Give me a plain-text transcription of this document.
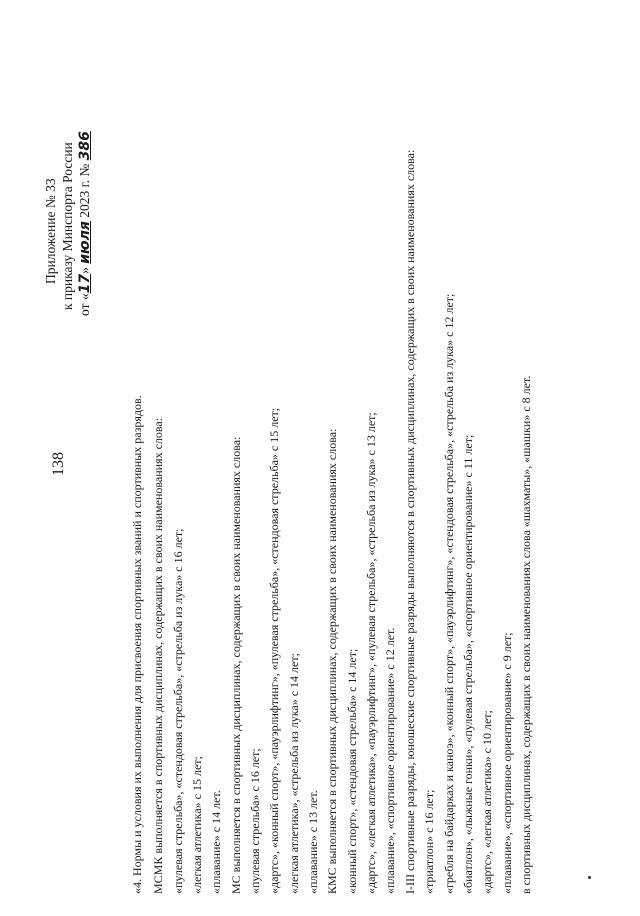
138
Приложение № 33 к приказу Минспорта России от «17» июля 2023 г. № 386
«4. Нормы и условия их выполнения для присвоения спортивных званий и спортивных разрядов. МСМК выполняется в спортивных дисциплинах, содержащих в своих наименованиях слова: «пулевая стрельба», «стендовая стрельба», «стрельба из лука» с 16 лет; «легкая атлетика» с 15 лет; «плавание» с 14 лет. МС выполняется в спортивных дисциплинах, содержащих в своих наименованиях слова: «пулевая стрельба» с 16 лет; «дартс», «конный спорт», «пауэрлифтинг», «пулевая стрельба», «стендовая стрельба» с 15 лет; «легкая атлетика», «стрельба из лука» с 14 лет; «плавание» с 13 лет. КМС выполняется в спортивных дисциплинах, содержащих в своих наименованиях слова: «конный спорт», «стендовая стрельба» с 14 лет; «дартс», «легкая атлетика», «пауэрлифтинг», «пулевая стрельба», «стрельба из лука» с 13 лет; «плавание», «спортивное ориентирование» с 12 лет. I-III спортивные разряды, юношеские спортивные разряды выполняются в спортивных дисциплинах, содержащих в своих наименованиях слова: «триатлон» с 16 лет; «гребля на байдарках и каноэ», «конный спорт», «пауэрлифтинг», «стендовая стрельба», «стрельба из лука» с 12 лет; «биатлон», «лыжные гонки», «пулевая стрельба», «спортивное ориентирование» с 11 лет; «дартс», «легкая атлетика» с 10 лет; «плавание», «спортивное ориентирование» с 9 лет; в спортивных дисциплинах, содержащих в своих наименованиях слова «шахматы», «шашки» с 8 лет.
